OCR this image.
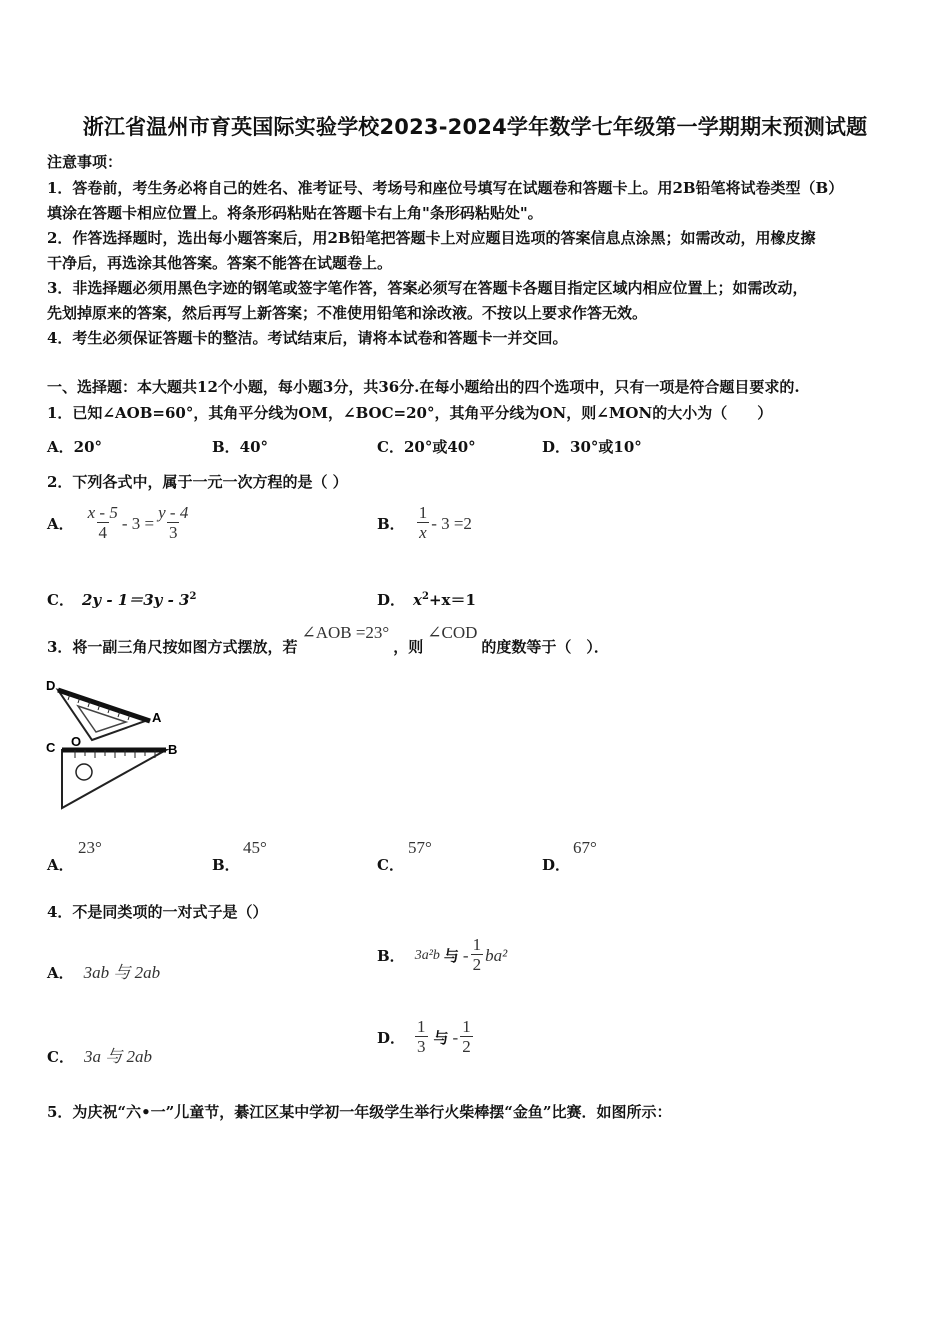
浙江省温州市育英国际实验学校2023-2024学年数学七年级第一学期期末预测试题
注意事项：
1．答卷前，考生务必将自己的姓名、准考证号、考场号和座位号填写在试题卷和答题卡上。用2B铅笔将试卷类型（B）
填涂在答题卡相应位置上。将条形码粘贴在答题卡右上角"条形码粘贴处"。
2．作答选择题时，选出每小题答案后，用2B铅笔把答题卡上对应题目选项的答案信息点涂黑；如需改动，用橡皮擦
干净后，再选涂其他答案。答案不能答在试题卷上。
3．非选择题必须用黑色字迹的钢笔或签字笔作答，答案必须写在答题卡各题目指定区域内相应位置上；如需改动，
先划掉原来的答案，然后再写上新答案；不准使用铅笔和涂改液。不按以上要求作答无效。
4．考生必须保证答题卡的整洁。考试结束后，请将本试卷和答题卡一并交回。
一、选择题：本大题共12个小题，每小题3分，共36分.在每小题给出的四个选项中，只有一项是符合题目要求的.
1．已知∠AOB=60°，其角平分线为OM，∠BOC=20°，其角平分线为ON，则∠MON的大小为（　　）
A．20°	B．40°	C．20°或40°	D．30°或10°
2．下列各式中，属于一元一次方程的是（ ）
A． $\frac{x - 5}{4} - 3 = \frac{y - 4}{3}$	B． $\frac{1}{x} - 3 =2$
C． $2y - 1=3y - 3^2$	D． $x^2+x=1$
3．将一副三角尺按如图方式摆放，若∠AOB =23°，则∠COD的度数等于（　）．
D
A
C O
B
A．
23°
B．
45°
C．
57°
D．
67°
4．不是同类项的一对式子是（）
A． 3ab 与 2ab
B． 3a²b 与 - $\frac{1}{2} ba^2$
C． 3a 与 2ab
D． $\frac{1}{3}$ 与 - $\frac{1}{2}$
5．为庆祝“六•一”儿童节，綦江区某中学初一年级学生举行火柴棒摆“金鱼”比赛．如图所示：
